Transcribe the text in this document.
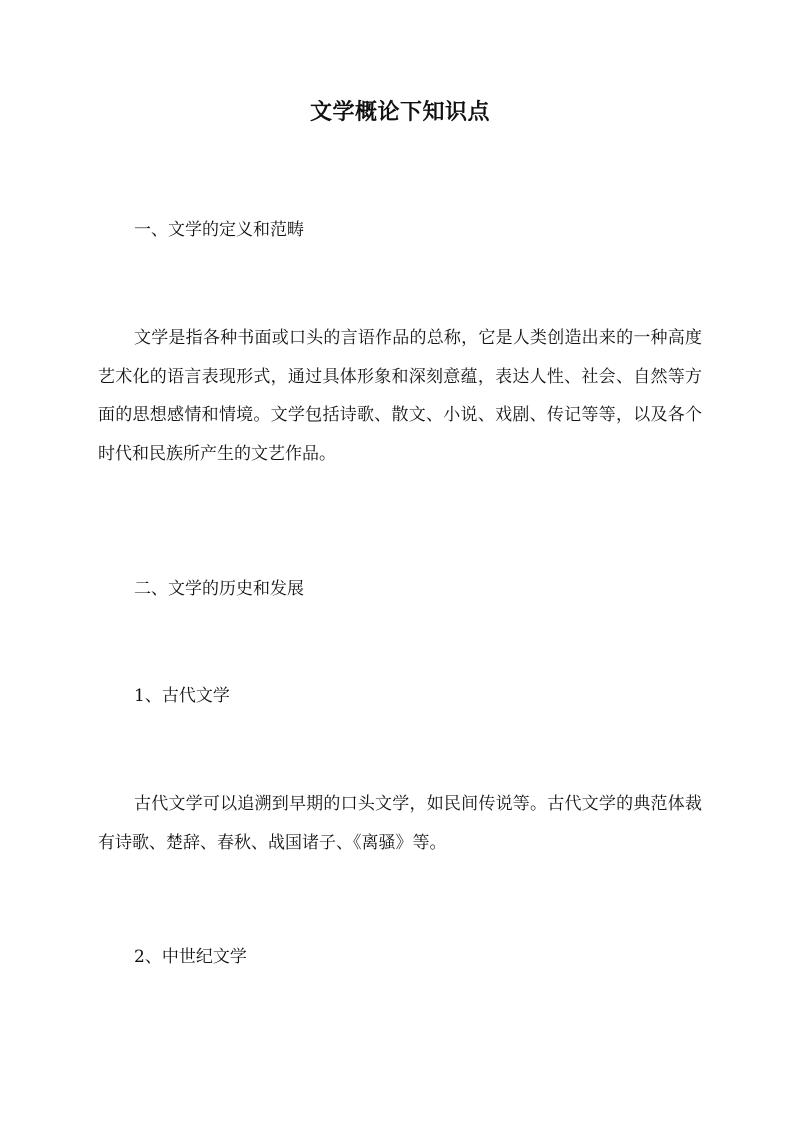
文学概论下知识点

一、文学的定义和范畴

文学是指各种书面或口头的言语作品的总称，它是人类创造出来的一种高度艺术化的语言表现形式，通过具体形象和深刻意蕴，表达人性、社会、自然等方面的思想感情和情境。文学包括诗歌、散文、小说、戏剧、传记等等，以及各个时代和民族所产生的文艺作品。

二、文学的历史和发展

1、古代文学

古代文学可以追溯到早期的口头文学，如民间传说等。古代文学的典范体裁有诗歌、楚辞、春秋、战国诸子、《离骚》等。

2、中世纪文学
